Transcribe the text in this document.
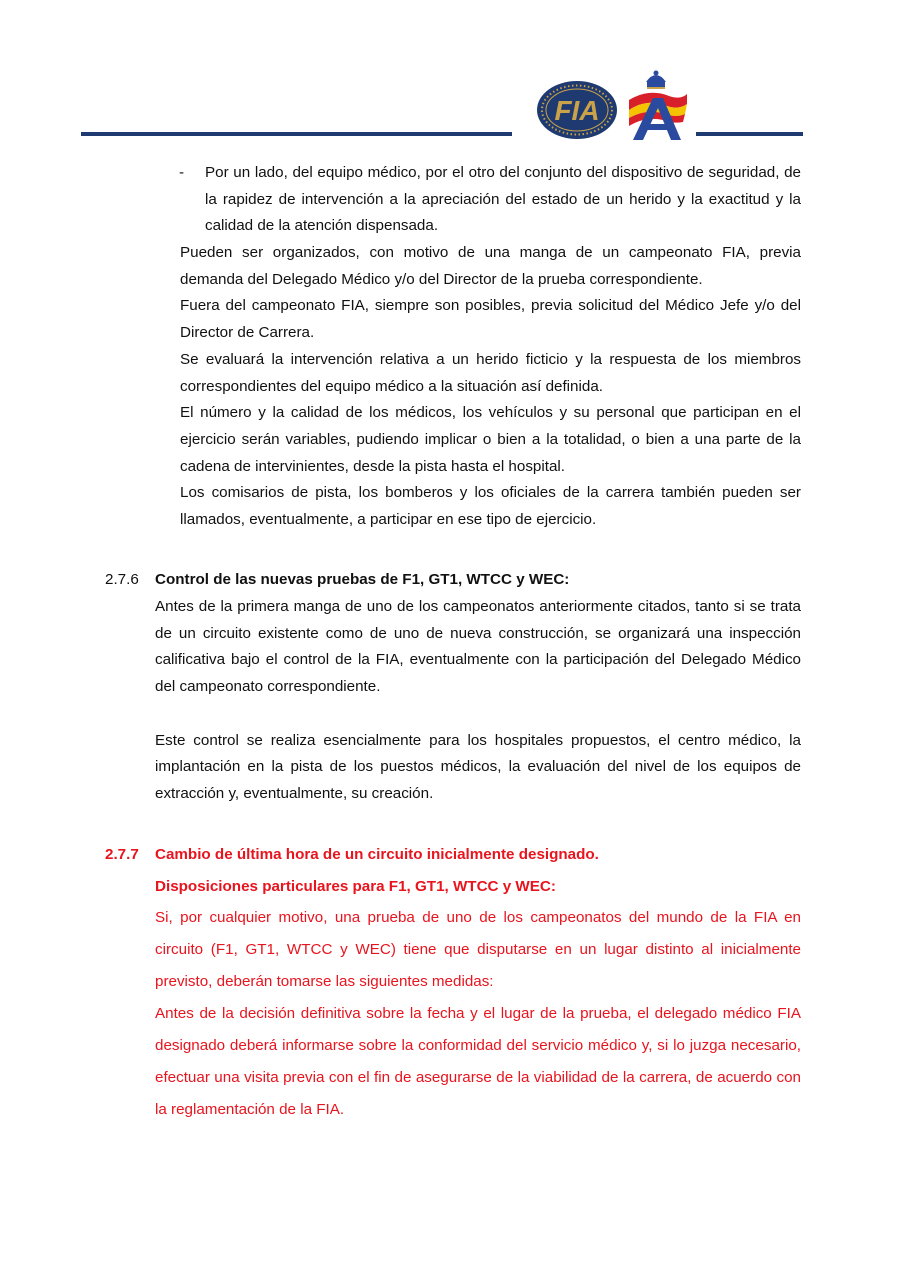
FIA
- Por un lado, del equipo médico, por el otro del conjunto del dispositivo de seguridad, de la rapidez de intervención a la apreciación del estado de un herido y la exactitud y la calidad de la atención dispensada.

Pueden ser organizados, con motivo de una manga de un campeonato FIA, previa demanda del Delegado Médico y/o del Director de la prueba correspondiente.

Fuera del campeonato FIA, siempre son posibles, previa solicitud del Médico Jefe y/o del Director de Carrera.

Se evaluará la intervención relativa a un herido ficticio y la respuesta de los miembros correspondientes del equipo médico a la situación así definida.

El número y la calidad de los médicos, los vehículos y su personal que participan en el ejercicio serán variables, pudiendo implicar o bien a la totalidad, o bien a una parte de la cadena de intervinientes, desde la pista hasta el hospital.

Los comisarios de pista, los bomberos y los oficiales de la carrera también pueden ser llamados, eventualmente, a participar en ese tipo de ejercicio.

2.7.6 Control de las nuevas pruebas de F1, GT1, WTCC y WEC:

Antes de la primera manga de uno de los campeonatos anteriormente citados, tanto si se trata de un circuito existente como de uno de nueva construcción, se organizará una inspección calificativa bajo el control de la FIA, eventualmente con la participación del Delegado Médico del campeonato correspondiente.

Este control se realiza esencialmente para los hospitales propuestos, el centro médico, la implantación en la pista de los puestos médicos, la evaluación del nivel de los equipos de extracción y, eventualmente, su creación.

2.7.7 Cambio de última hora de un circuito inicialmente designado.
Disposiciones particulares para F1, GT1, WTCC y WEC:

Si, por cualquier motivo, una prueba de uno de los campeonatos del mundo de la FIA en circuito (F1, GT1, WTCC y WEC) tiene que disputarse en un lugar distinto al inicialmente previsto, deberán tomarse las siguientes medidas:

Antes de la decisión definitiva sobre la fecha y el lugar de la prueba, el delegado médico FIA designado deberá informarse sobre la conformidad del servicio médico y, si lo juzga necesario, efectuar una visita previa con el fin de asegurarse de la viabilidad de la carrera, de acuerdo con la reglamentación de la FIA.
